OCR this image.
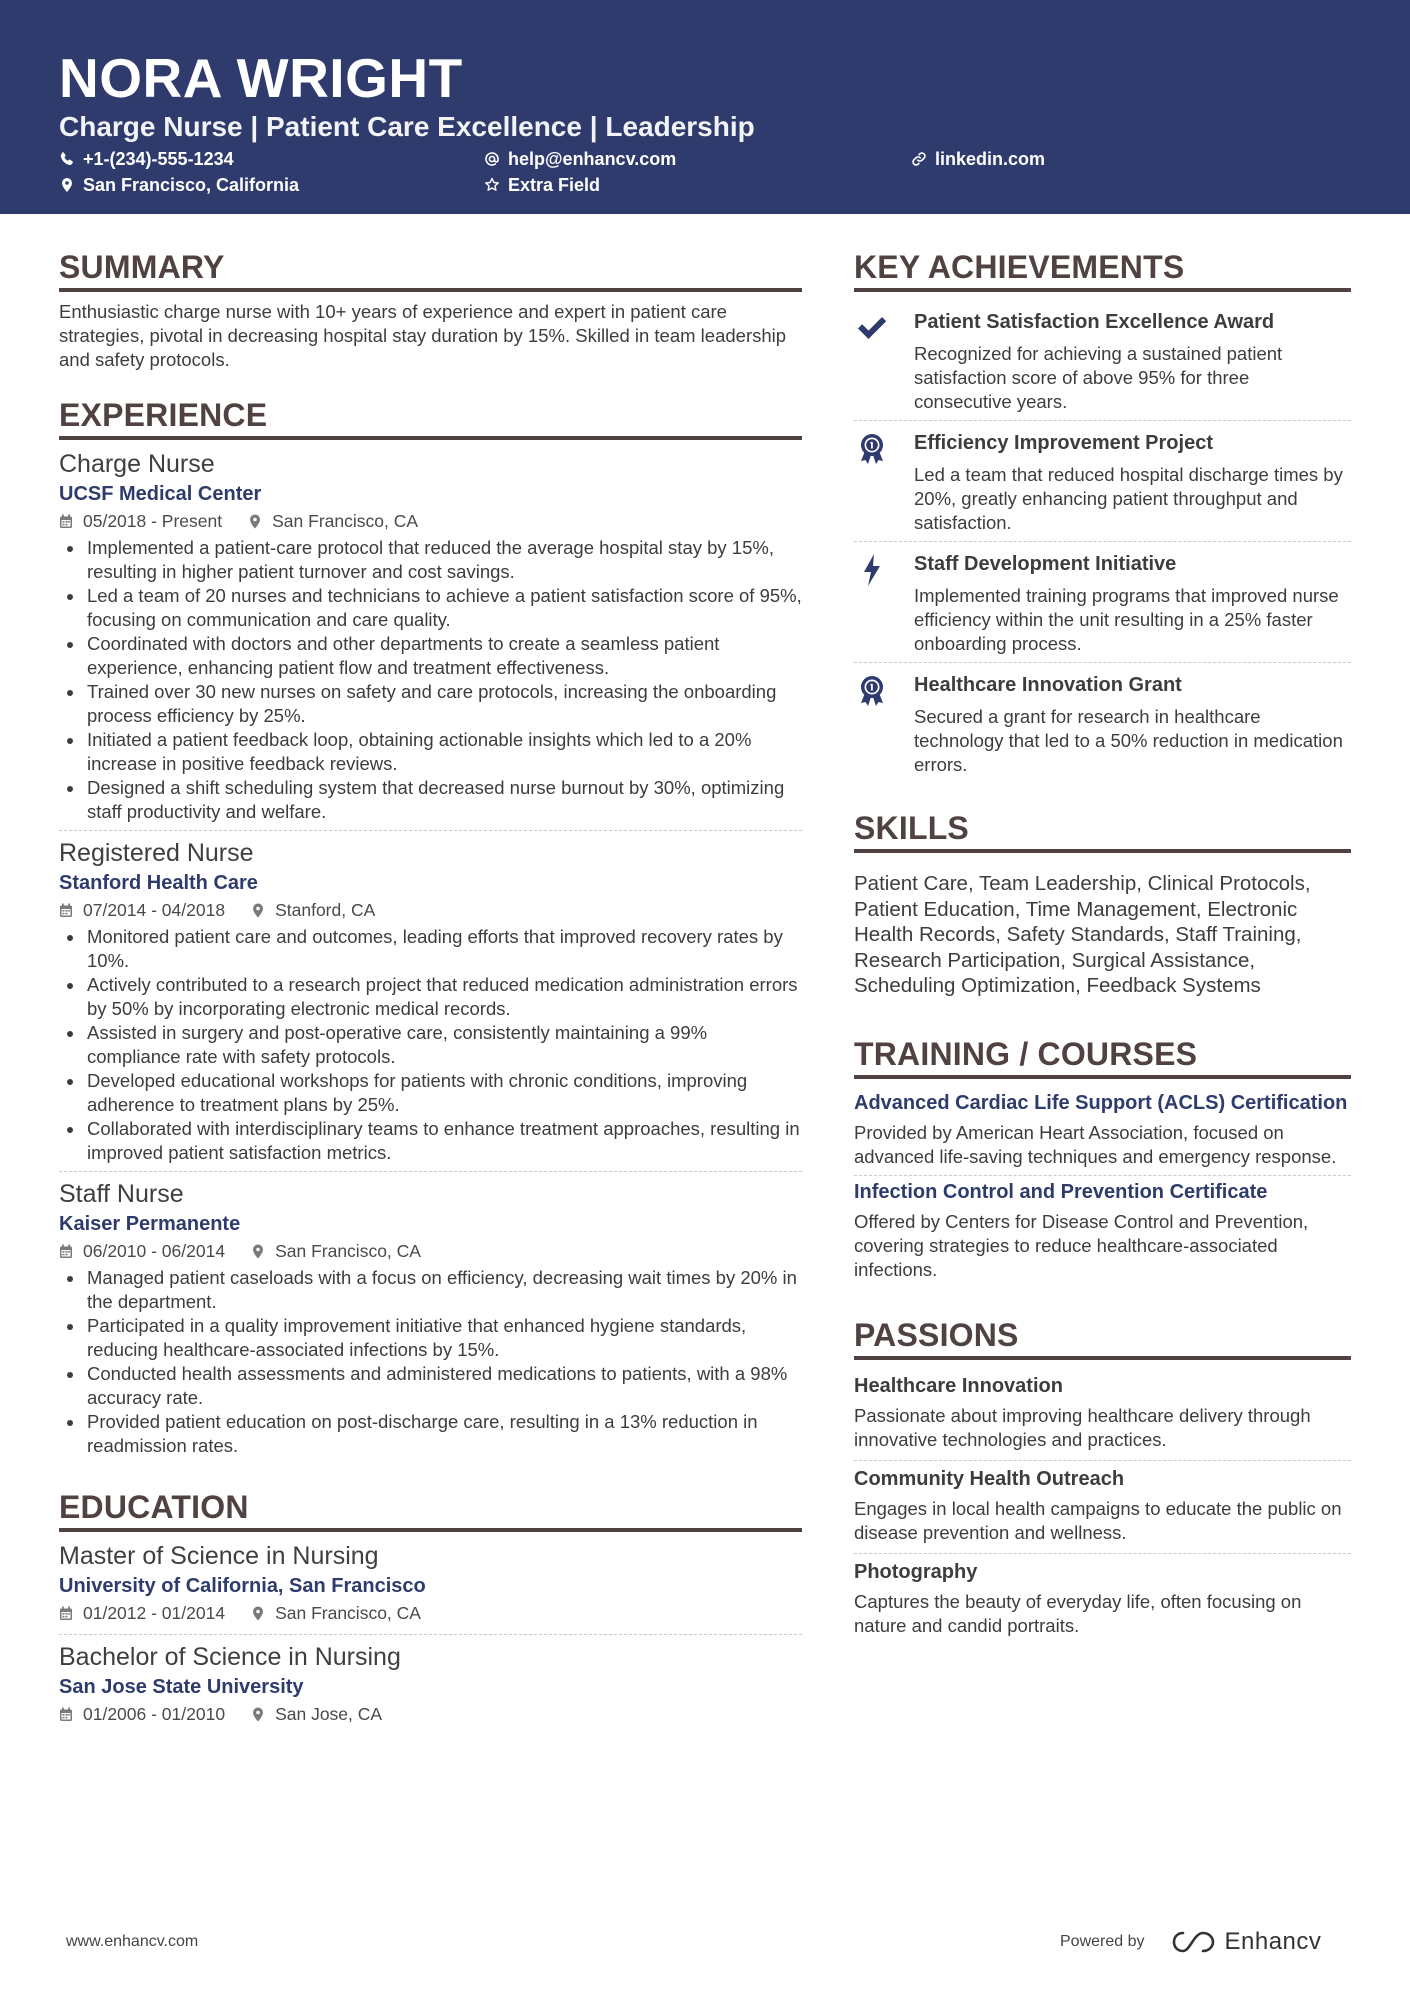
NORA WRIGHT
Charge Nurse | Patient Care Excellence | Leadership
+1-(234)-555-1234	help@enhancv.com	linkedin.com
San Francisco, California	Extra Field
SUMMARY

Enthusiastic charge nurse with 10+ years of experience and expert in patient care strategies, pivotal in decreasing hospital stay duration by 15%. Skilled in team leadership and safety protocols.

EXPERIENCE
Charge Nurse
UCSF Medical Center
05/2018 - Present	San Francisco, CA
Implemented a patient-care protocol that reduced the average hospital stay by 15%, resulting in higher patient turnover and cost savings.
Led a team of 20 nurses and technicians to achieve a patient satisfaction score of 95%, focusing on communication and care quality.
Coordinated with doctors and other departments to create a seamless patient experience, enhancing patient flow and treatment effectiveness.
Trained over 30 new nurses on safety and care protocols, increasing the onboarding process efficiency by 25%.
Initiated a patient feedback loop, obtaining actionable insights which led to a 20% increase in positive feedback reviews.
Designed a shift scheduling system that decreased nurse burnout by 30%, optimizing staff productivity and welfare.
Registered Nurse
Stanford Health Care
07/2014 - 04/2018	Stanford, CA
Monitored patient care and outcomes, leading efforts that improved recovery rates by 10%.
Actively contributed to a research project that reduced medication administration errors by 50% by incorporating electronic medical records.
Assisted in surgery and post-operative care, consistently maintaining a 99% compliance rate with safety protocols.
Developed educational workshops for patients with chronic conditions, improving adherence to treatment plans by 25%.
Collaborated with interdisciplinary teams to enhance treatment approaches, resulting in improved patient satisfaction metrics.
Staff Nurse
Kaiser Permanente
06/2010 - 06/2014	San Francisco, CA
Managed patient caseloads with a focus on efficiency, decreasing wait times by 20% in the department.
Participated in a quality improvement initiative that enhanced hygiene standards, reducing healthcare-associated infections by 15%.
Conducted health assessments and administered medications to patients, with a 98% accuracy rate.
Provided patient education on post-discharge care, resulting in a 13% reduction in readmission rates.
EDUCATION
Master of Science in Nursing
University of California, San Francisco
01/2012 - 01/2014	San Francisco, CA
Bachelor of Science in Nursing
San Jose State University
01/2006 - 01/2010	San Jose, CA
KEY ACHIEVEMENTS
Patient Satisfaction Excellence Award
Recognized for achieving a sustained patient satisfaction score of above 95% for three consecutive years.
Efficiency Improvement Project
Led a team that reduced hospital discharge times by 20%, greatly enhancing patient throughput and satisfaction.
Staff Development Initiative
Implemented training programs that improved nurse efficiency within the unit resulting in a 25% faster onboarding process.
Healthcare Innovation Grant
Secured a grant for research in healthcare technology that led to a 50% reduction in medication errors.
SKILLS

Patient Care, Team Leadership, Clinical Protocols, Patient Education, Time Management, Electronic Health Records, Safety Standards, Staff Training, Research Participation, Surgical Assistance, Scheduling Optimization, Feedback Systems

TRAINING / COURSES
Advanced Cardiac Life Support (ACLS) Certification
Provided by American Heart Association, focused on advanced life-saving techniques and emergency response.
Infection Control and Prevention Certificate
Offered by Centers for Disease Control and Prevention, covering strategies to reduce healthcare-associated infections.
PASSIONS
Healthcare Innovation
Passionate about improving healthcare delivery through innovative technologies and practices.
Community Health Outreach
Engages in local health campaigns to educate the public on disease prevention and wellness.
Photography
Captures the beauty of everyday life, often focusing on nature and candid portraits.
www.enhancv.com	Powered by	Enhancv
